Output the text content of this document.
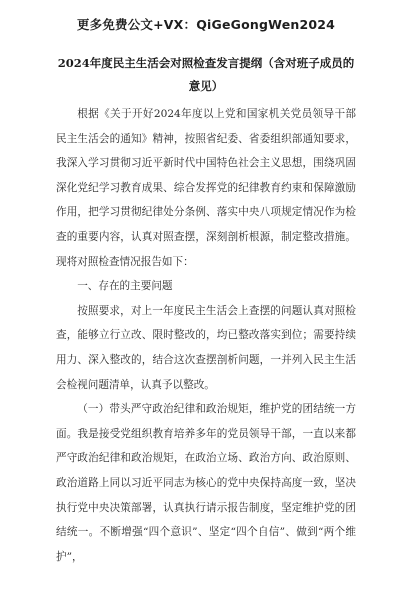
更多免费公文+VX：QiGeGongWen2024
2024年度民主生活会对照检查发言提纲（含对班子成员的意见）

根据《关于开好2024年度以上党和国家机关党员领导干部民主生活会的通知》精神，按照省纪委、省委组织部通知要求，我深入学习贯彻习近平新时代中国特色社会主义思想，围绕巩固深化党纪学习教育成果、综合发挥党的纪律教育约束和保障激励作用，把学习贯彻纪律处分条例、落实中央八项规定情况作为检查的重要内容，认真对照查摆，深刻剖析根源，制定整改措施。现将对照检查情况报告如下：

一、存在的主要问题

按照要求，对上一年度民主生活会上查摆的问题认真对照检查，能够立行立改、限时整改的，均已整改落实到位；需要持续用力、深入整改的，结合这次查摆剖析问题，一并列入民主生活会检视问题清单，认真予以整改。

（一）带头严守政治纪律和政治规矩，维护党的团结统一方面。我是接受党组织教育培养多年的党员领导干部，一直以来都严守政治纪律和政治规矩，在政治立场、政治方向、政治原则、政治道路上同以习近平同志为核心的党中央保持高度一致，坚决执行党中央决策部署，认真执行请示报告制度，坚定维护党的团结统一。不断增强“四个意识”、坚定“四个自信”、做到“两个维护”，
